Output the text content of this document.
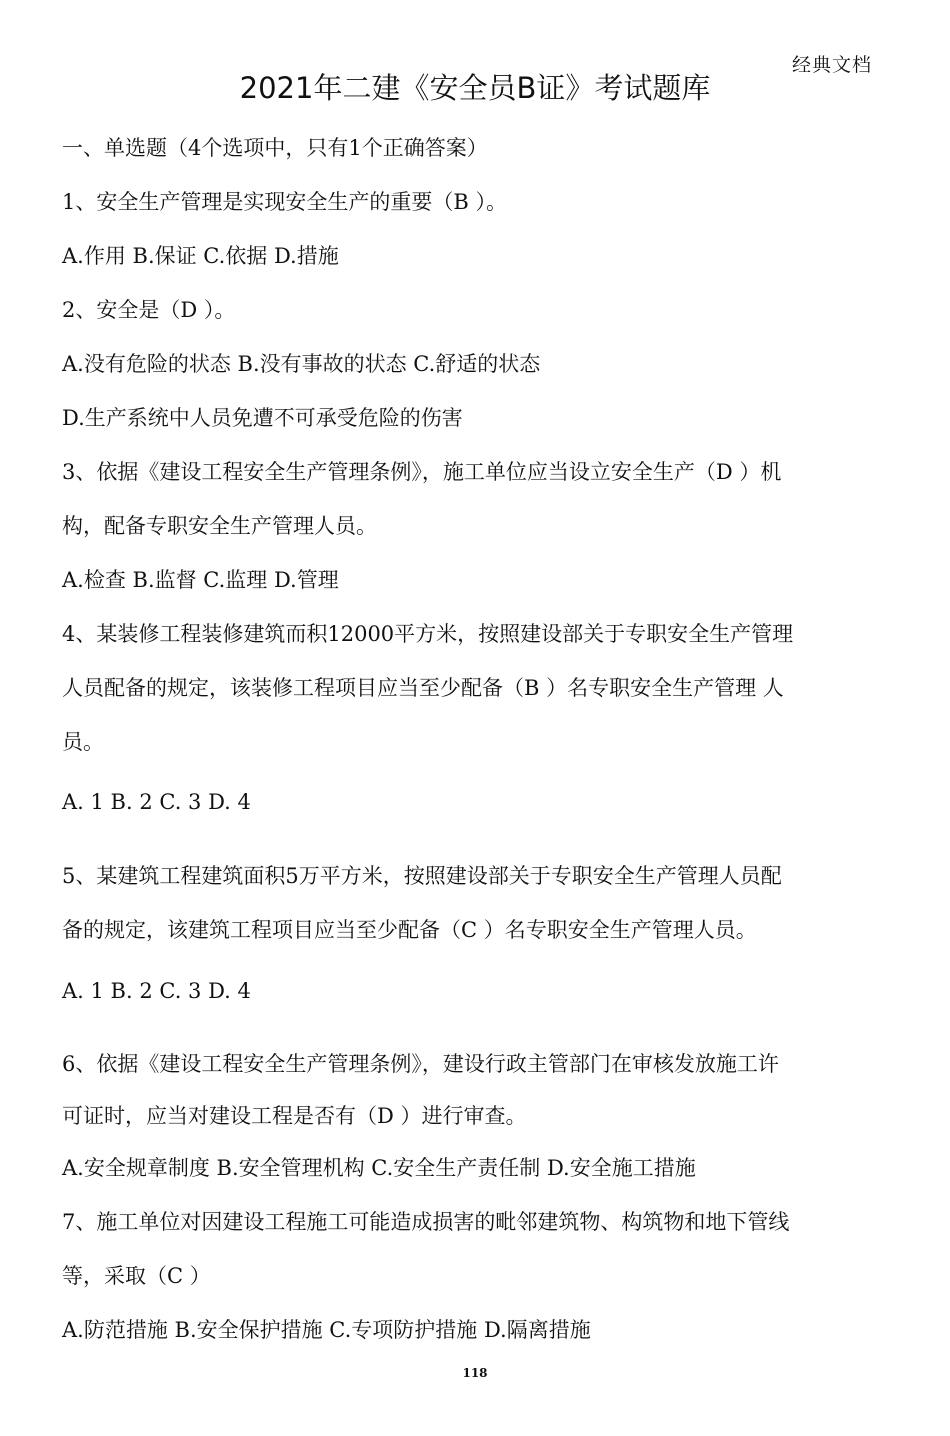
经典文档
2021年二建《安全员B证》考试题库
一、单选题（4个选项中，只有1个正确答案）
1、安全生产管理是实现安全生产的重要（B ）。
A.作用 B.保证 C.依据 D.措施
2、安全是（D ）。
A.没有危险的状态 B.没有事故的状态 C.舒适的状态
D.生产系统中人员免遭不可承受危险的伤害
3、依据《建设工程安全生产管理条例》，施工单位应当设立安全生产（D ）机
构，配备专职安全生产管理人员。
A.检查 B.监督 C.监理 D.管理
4、某装修工程装修建筑而积12000平方米，按照建设部关于专职安全生产管理
人员配备的规定，该装修工程项目应当至少配备（B ）名专职安全生产管理 人
员。
A. 1 B. 2 C. 3 D. 4
5、某建筑工程建筑面积5万平方米，按照建设部关于专职安全生产管理人员配
备的规定，该建筑工程项目应当至少配备（C ）名专职安全生产管理人员。
A. 1 B. 2 C. 3 D. 4
6、依据《建设工程安全生产管理条例》，建设行政主管部门在审核发放施工许
可证时，应当对建设工程是否有（D ）进行审查。
A.安全规章制度 B.安全管理机构 C.安全生产责任制 D.安全施工措施
7、施工单位对因建设工程施工可能造成损害的毗邻建筑物、构筑物和地下管线
等，采取（C ）
A.防范措施 B.安全保护措施 C.专项防护措施 D.隔离措施
118
